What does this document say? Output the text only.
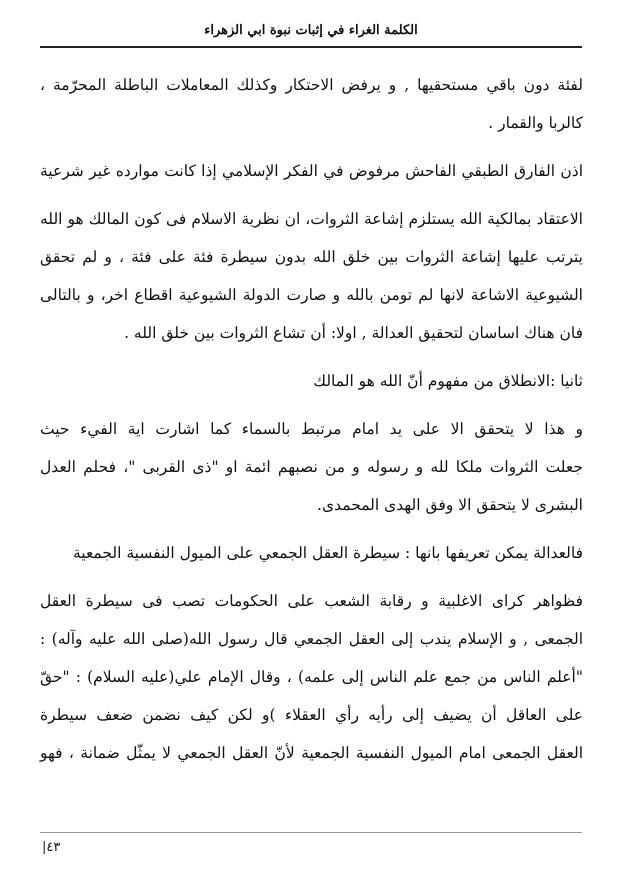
الكلمة الغراء في إثبات نبوة ابي الزهراء
لفئة دون باقي مستحقيها , و يرفض الاحتكار وكذلك المعاملات الباطلة المحرّمة ،
كالربا والقمار .
اذن الفارق الطبقي الفاحش مرفوض في الفكر الإسلامي إذا كانت موارده غير شرعية
الاعتقاد بمالكية الله يستلزم إشاعة الثروات، ان نظرية الاسلام فى كون المالك هو الله
يترتب عليها إشاعة الثروات بين خلق الله بدون سيطرة فئة على فئة ، و لم تحقق
الشيوعية الاشاعة لانها لم تومن بالله و صارت الدولة الشيوعية اقطاع اخر، و بالتالى
فان هناك اساسان لتحقيق العدالة , اولا: أن تشاع الثروات بين خلق الله .
ثانيا :الانطلاق من مفهوم أنّ الله هو المالك
و هذا لا يتحقق الا على يد امام مرتبط بالسماء كما اشارت اية الفيء حيث
جعلت الثروات ملكا لله و رسوله و من نصبهم ائمة او "ذى القربى "، فحلم العدل
البشرى لا يتحقق الا وفق الهدى المحمدى.
فالعدالة يمكن تعريفها بانها : سيطرة العقل الجمعي على الميول النفسية الجمعية
فظواهر كراى الاغلبية و رقابة الشعب على الحكومات تصب فى سيطرة العقل
الجمعى , و الإسلام يندب إلى العقل الجمعي قال رسول الله(صلى الله عليه وآله) :
"أعلم الناس من جمع علم الناس إلى علمه) ، وقال الإمام علي(عليه السلام) : "حقّ
على العاقل أن يضيف إلى رأيه رأي العقلاء )و لكن كيف نضمن ضعف سيطرة
العقل الجمعى امام الميول النفسية الجمعية لأنّ العقل الجمعي لا يمثّل ضمانة ، فهو
٤٣|
